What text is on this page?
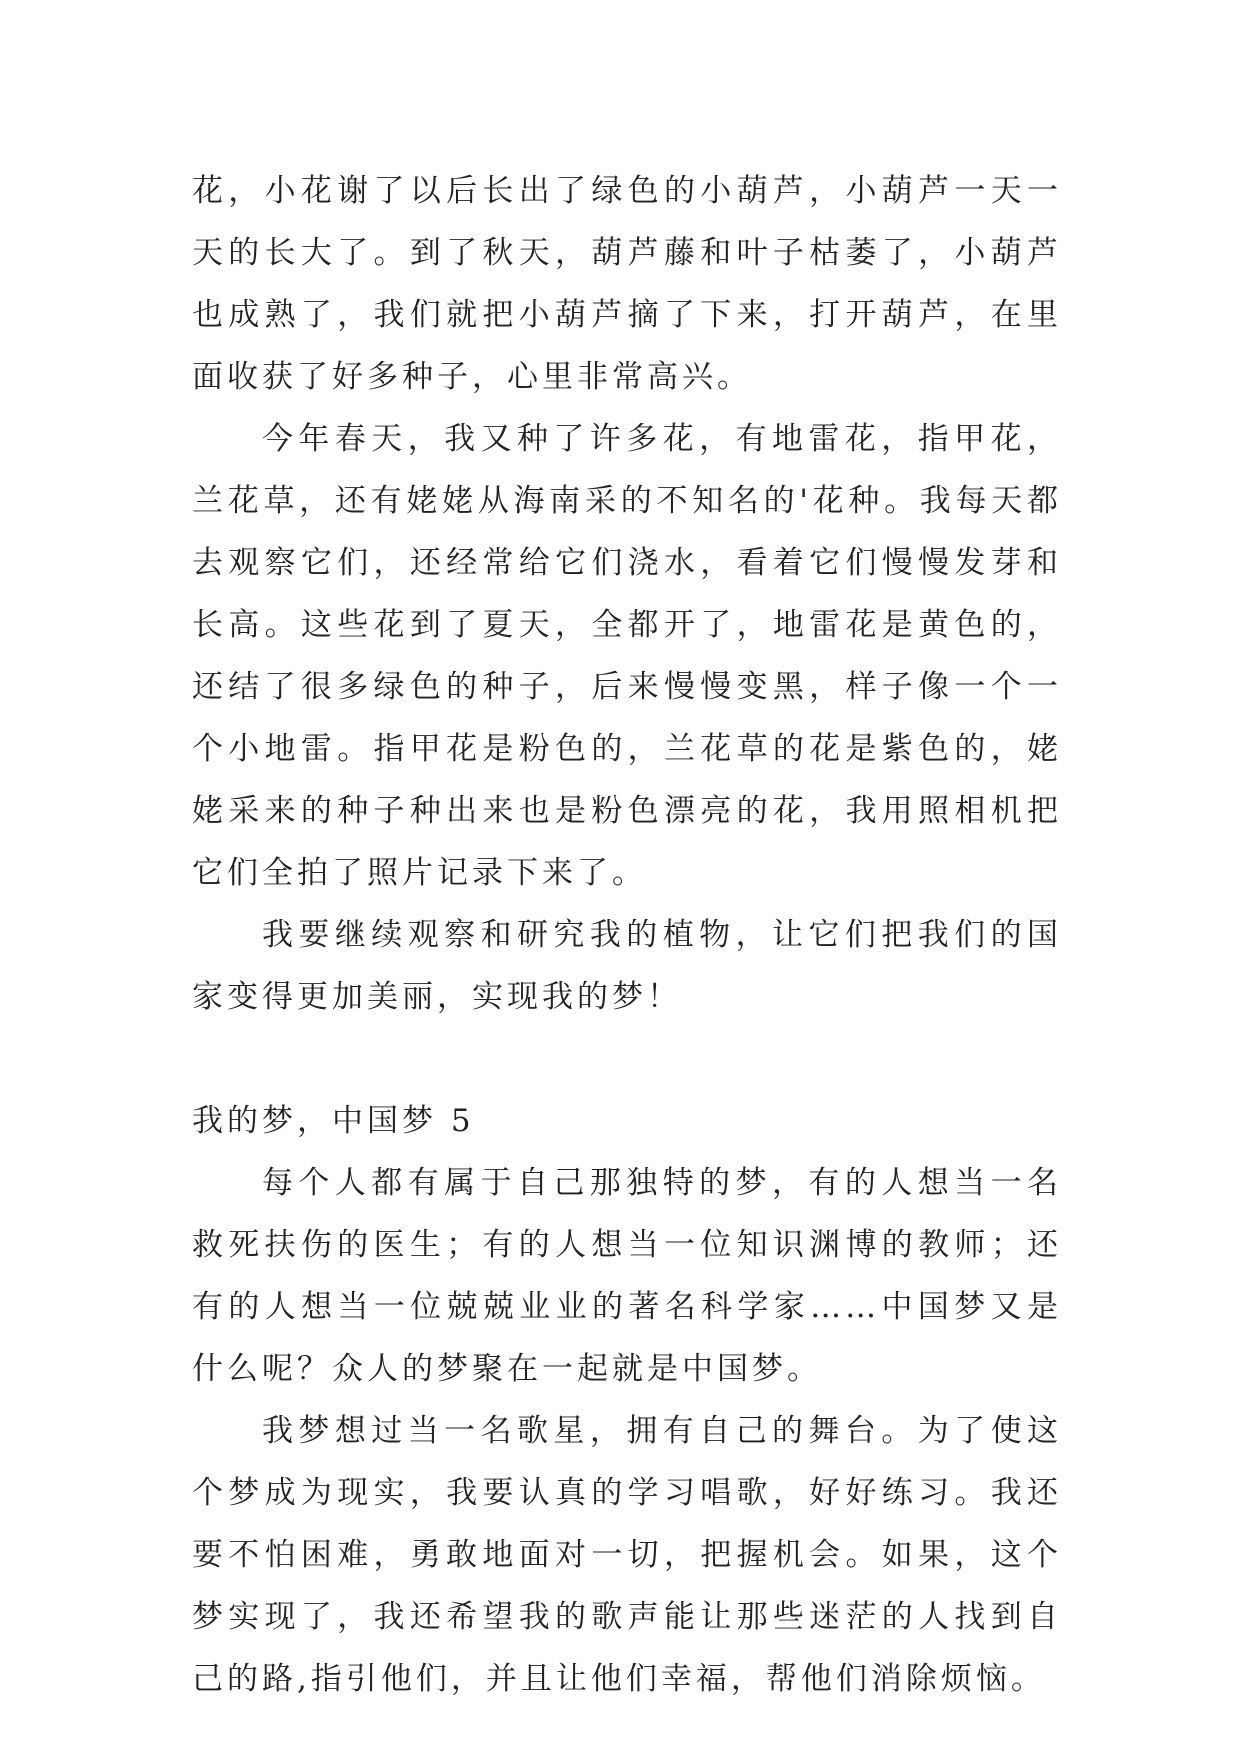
花，小花谢了以后长出了绿色的小葫芦，小葫芦一天一天的长大了。到了秋天，葫芦藤和叶子枯萎了，小葫芦也成熟了，我们就把小葫芦摘了下来，打开葫芦，在里面收获了好多种子，心里非常高兴。

今年春天，我又种了许多花，有地雷花，指甲花，兰花草，还有姥姥从海南采的不知名的'花种。我每天都去观察它们，还经常给它们浇水，看着它们慢慢发芽和长高。这些花到了夏天，全都开了，地雷花是黄色的，还结了很多绿色的种子，后来慢慢变黑，样子像一个一个小地雷。指甲花是粉色的，兰花草的花是紫色的，姥姥采来的种子种出来也是粉色漂亮的花，我用照相机把它们全拍了照片记录下来了。

我要继续观察和研究我的植物，让它们把我们的国家变得更加美丽，实现我的梦！

我的梦，中国梦 5

每个人都有属于自己那独特的梦，有的人想当一名救死扶伤的医生；有的人想当一位知识渊博的教师；还有的人想当一位兢兢业业的著名科学家……中国梦又是什么呢？众人的梦聚在一起就是中国梦。

我梦想过当一名歌星，拥有自己的舞台。为了使这个梦成为现实，我要认真的学习唱歌，好好练习。我还要不怕困难，勇敢地面对一切，把握机会。如果，这个梦实现了，我还希望我的歌声能让那些迷茫的人找到自己的路,指引他们，并且让他们幸福，帮他们消除烦恼。
